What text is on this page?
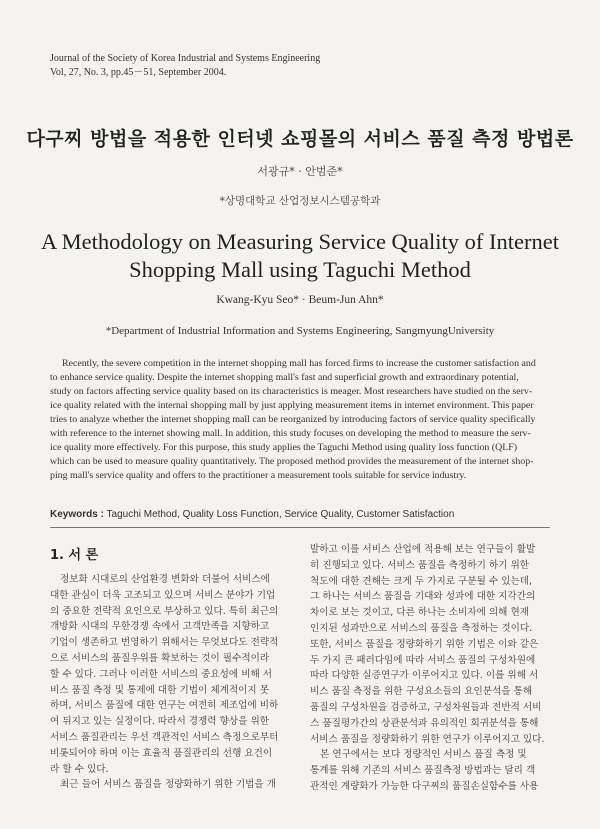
Journal of the Society of Korea Industrial and Systems Engineering
Vol, 27, No. 3, pp.45－51, September 2004.
다구찌 방법을 적용한 인터넷 쇼핑몰의 서비스 품질 측정 방법론
서광규* · 안범준*
*상명대학교 산업정보시스템공학과
A Methodology on Measuring Service Quality of Internet
Shopping Mall using Taguchi Method
Kwang-Kyu Seo* · Beum-Jun Ahn*
*Department of Industrial Information and Systems Engineering, SangmyungUniversity
Recently, the severe competition in the internet shopping mall has forced firms to increase the customer satisfaction and
to enhance service quality. Despite the internet shopping mall's fast and superficial growth and extraordinary potential,
study on factors affecting service quality based on its characteristics is meager. Most researchers have studied on the serv-
ice quality related with the internal shopping mall by just applying measurement items in internet environment. This paper
tries to analyze whether the internet shopping mall can be reorganized by introducing factors of service quality specifically
with reference to the internet showing mall. In addition, this study focuses on developing the method to measure the serv-
ice quality more effectively. For this purpose, this study applies the Taguchi Method using quality loss function (QLF)
which can be used to measure quality quantitatively. The proposed method provides the measurement of the internet shop-
ping mall's service quality and offers to the practitioner a measurement tools suitable for service industry.
Keywords : Taguchi Method, Quality Loss Function, Service Quality, Customer Satisfaction
1. 서 론
정보화 시대로의 산업환경 변화와 더불어 서비스에
대한 관심이 더욱 고조되고 있으며 서비스 분야가 기업
의 중요한 전략적 요인으로 부상하고 있다. 특히 최근의
개방화 시대의 무한경쟁 속에서 고객만족을 지향하고
기업이 생존하고 번영하기 위해서는 무엇보다도 전략적
으로 서비스의 품질우위를 확보하는 것이 필수적이라
할 수 있다. 그러나 이러한 서비스의 중요성에 비해 서
비스 품질 측정 및 통제에 대한 기법이 체계적이지 못
하며, 서비스 품질에 대한 연구는 여전히 제조업에 비하
여 뒤지고 있는 실정이다. 따라서 경쟁력 향상을 위한
서비스 품질관리는 우선 객관적인 서비스 측정으로부터
비롯되어야 하며 이는 효율적 품질관리의 선행 요건이
라 할 수 있다.
최근 들어 서비스 품질을 정량화하기 위한 기법을 개
발하고 이를 서비스 산업에 적용해 보는 연구들이 활발
히 진행되고 있다. 서비스 품질을 측정하기 하기 위한
척도에 대한 견해는 크게 두 가지로 구분될 수 있는데,
그 하나는 서비스 품질을 기대와 성과에 대한 지각간의
차이로 보는 것이고, 다른 하나는 소비자에 의해 현재
인지된 성과만으로 서비스의 품질을 측정하는 것이다.
또한, 서비스 품질을 정량화하기 위한 기법은 이와 같은
두 가지 큰 패러다임에 따라 서비스 품질의 구성차원에
따라 다양한 실증연구가 이루어지고 있다. 이를 위해 서
비스 품질 측정을 위한 구성요소들의 요인분석을 통해
품질의 구성차원을 검증하고, 구성차원들과 전반적 서비
스 품질평가간의 상관분석과 유의적인 회귀분석을 통해
서비스 품질을 정량화하기 위한 연구가 이루어지고 있다.
본 연구에서는 보다 정량적인 서비스 품질 측정 및
통계를 위해 기존의 서비스 품질측정 방법과는 달리 객
관적인 계량화가 가능한 다구찌의 품질손실함수를 사용
